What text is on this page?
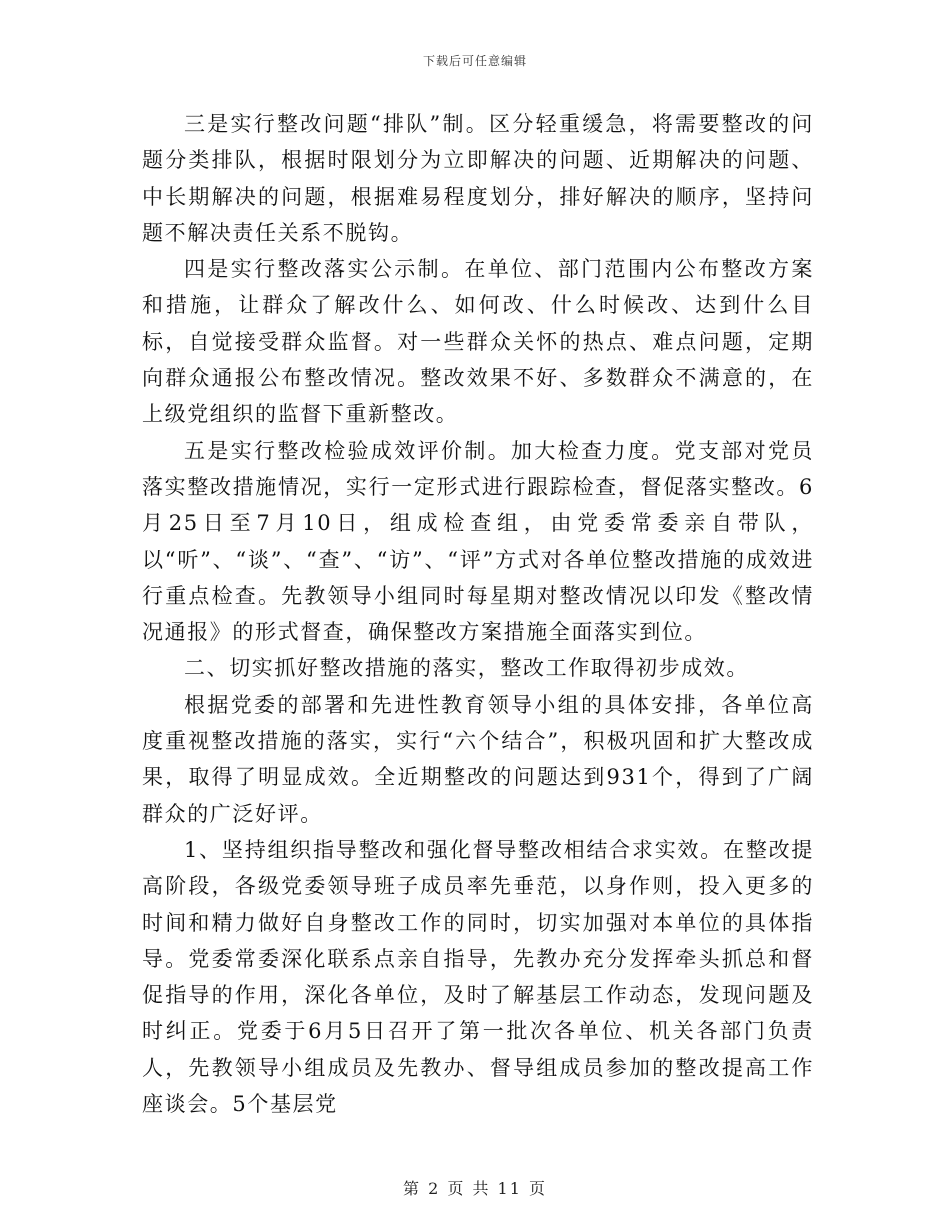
下载后可任意编辑

三是实行整改问题“排队”制。区分轻重缓急，将需要整改的问题分类排队，根据时限划分为立即解决的问题、近期解决的问题、中长期解决的问题，根据难易程度划分，排好解决的顺序，坚持问题不解决责任关系不脱钩。

四是实行整改落实公示制。在单位、部门范围内公布整改方案和措施，让群众了解改什么、如何改、什么时候改、达到什么目标，自觉接受群众监督。对一些群众关怀的热点、难点问题，定期向群众通报公布整改情况。整改效果不好、多数群众不满意的，在上级党组织的监督下重新整改。

五是实行整改检验成效评价制。加大检查力度。党支部对党员落实整改措施情况，实行一定形式进行跟踪检查，督促落实整改。6月25日至7月10日，组成检查组，由党委常委亲自带队，以“听”、“谈”、“查”、“访”、“评”方式对各单位整改措施的成效进行重点检查。先教领导小组同时每星期对整改情况以印发《整改情况通报》的形式督查，确保整改方案措施全面落实到位。

二、切实抓好整改措施的落实，整改工作取得初步成效。

根据党委的部署和先进性教育领导小组的具体安排，各单位高度重视整改措施的落实，实行“六个结合”，积极巩固和扩大整改成果，取得了明显成效。全近期整改的问题达到931个，得到了广阔群众的广泛好评。

1、坚持组织指导整改和强化督导整改相结合求实效。在整改提高阶段，各级党委领导班子成员率先垂范，以身作则，投入更多的时间和精力做好自身整改工作的同时，切实加强对本单位的具体指导。党委常委深化联系点亲自指导，先教办充分发挥牵头抓总和督促指导的作用，深化各单位，及时了解基层工作动态，发现问题及时纠正。党委于6月5日召开了第一批次各单位、机关各部门负责人，先教领导小组成员及先教办、督导组成员参加的整改提高工作座谈会。5个基层党

第 2 页 共 11 页
